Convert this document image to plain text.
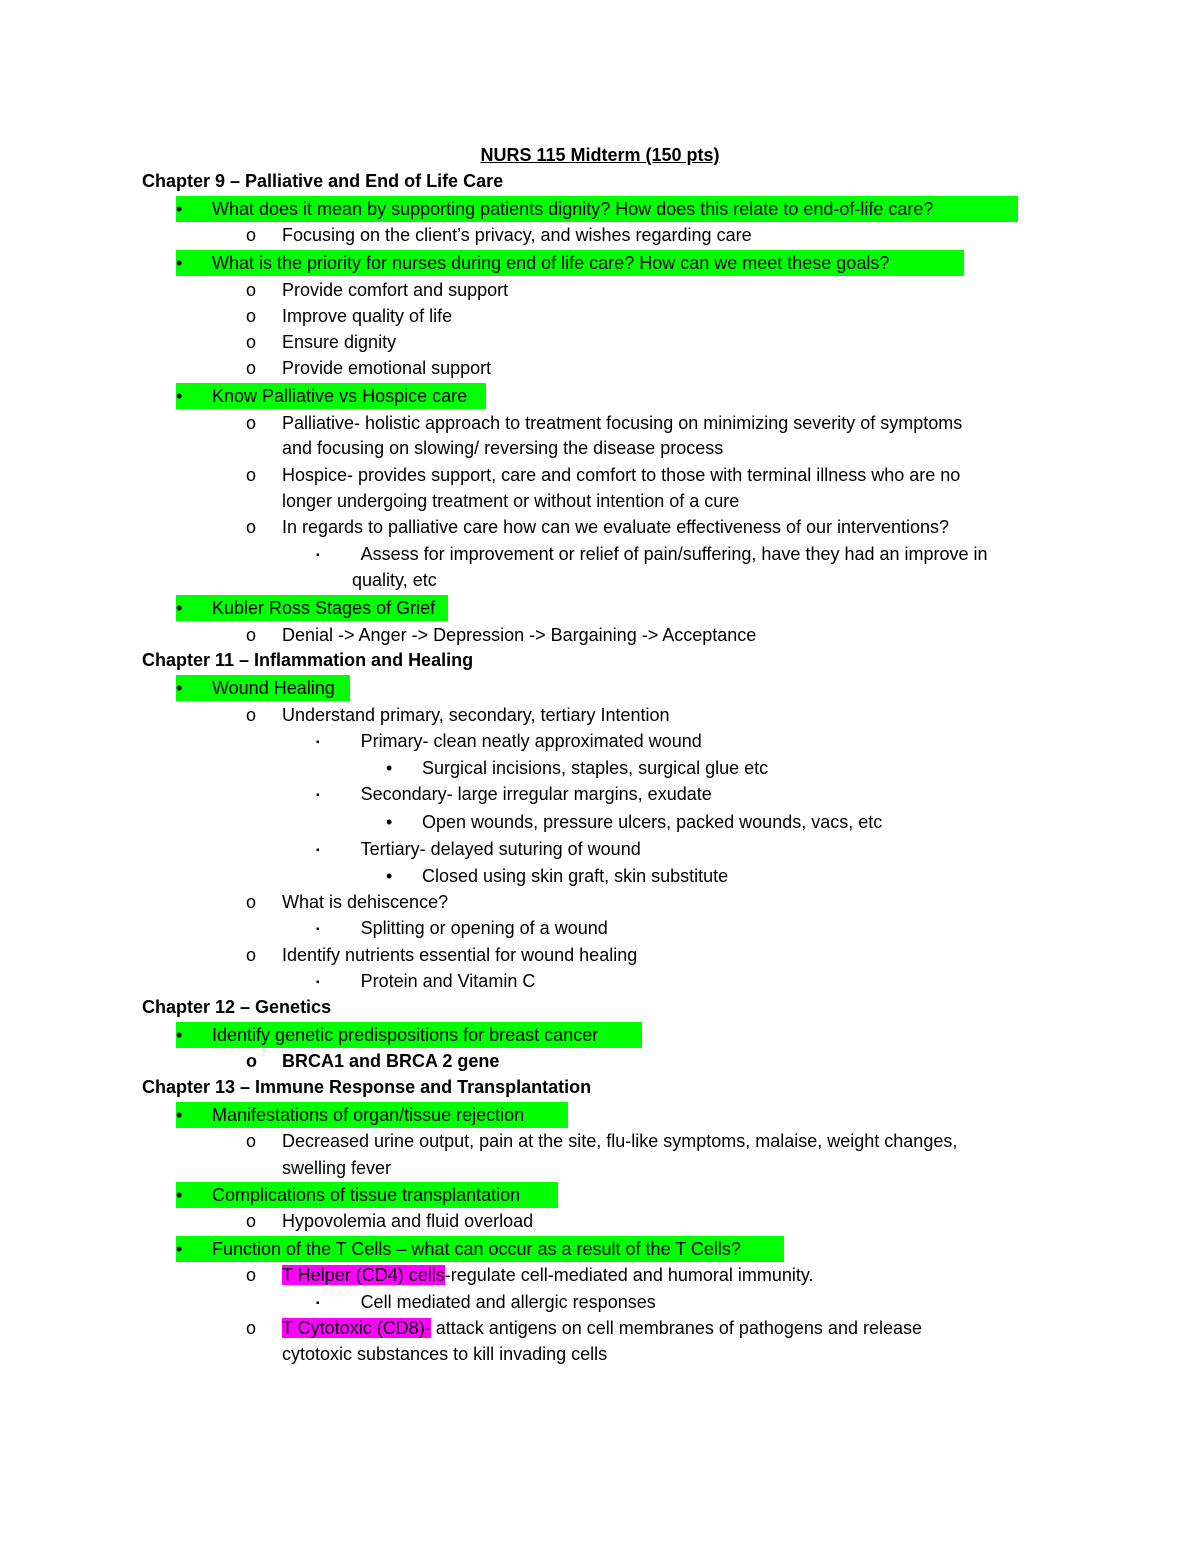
NURS 115 Midterm (150 pts)
Chapter 9 – Palliative and End of Life Care
•	What does it mean by supporting patients dignity? How does this relate to end-of-life care?
o	Focusing on the client’s privacy, and wishes regarding care
•	What is the priority for nurses during end of life care? How can we meet these goals?
o	Provide comfort and support
o	Improve quality of life
o	Ensure dignity
o	Provide emotional support
•	Know Palliative vs Hospice care
o	Palliative- holistic approach to treatment focusing on minimizing severity of symptoms
and focusing on slowing/ reversing the disease process
o	Hospice- provides support, care and comfort to those with terminal illness who are no
longer undergoing treatment or without intention of a cure
o	In regards to palliative care how can we evaluate effectiveness of our interventions?
▪ Assess for improvement or relief of pain/suffering, have they had an improve in
quality, etc
•	Kubler Ross Stages of Grief
o	Denial -> Anger -> Depression -> Bargaining -> Acceptance
Chapter 11 – Inflammation and Healing
•	Wound Healing
o	Understand primary, secondary, tertiary Intention
▪ Primary- clean neatly approximated wound
•	Surgical incisions, staples, surgical glue etc
▪ Secondary- large irregular margins, exudate
•	Open wounds, pressure ulcers, packed wounds, vacs, etc
▪ Tertiary- delayed suturing of wound
•	Closed using skin graft, skin substitute
o	What is dehiscence?
▪ Splitting or opening of a wound
o	Identify nutrients essential for wound healing
▪ Protein and Vitamin C
Chapter 12 – Genetics
•	Identify genetic predispositions for breast cancer
o	BRCA1 and BRCA 2 gene
Chapter 13 – Immune Response and Transplantation
•	Manifestations of organ/tissue rejection
o	Decreased urine output, pain at the site, flu-like symptoms, malaise, weight changes,
swelling fever
•	Complications of tissue transplantation
o	Hypovolemia and fluid overload
•	Function of the T Cells – what can occur as a result of the T Cells?
o	T Helper (CD4) cells-regulate cell-mediated and humoral immunity.
▪ Cell mediated and allergic responses
o	T Cytotoxic (CD8)- attack antigens on cell membranes of pathogens and release
cytotoxic substances to kill invading cells
